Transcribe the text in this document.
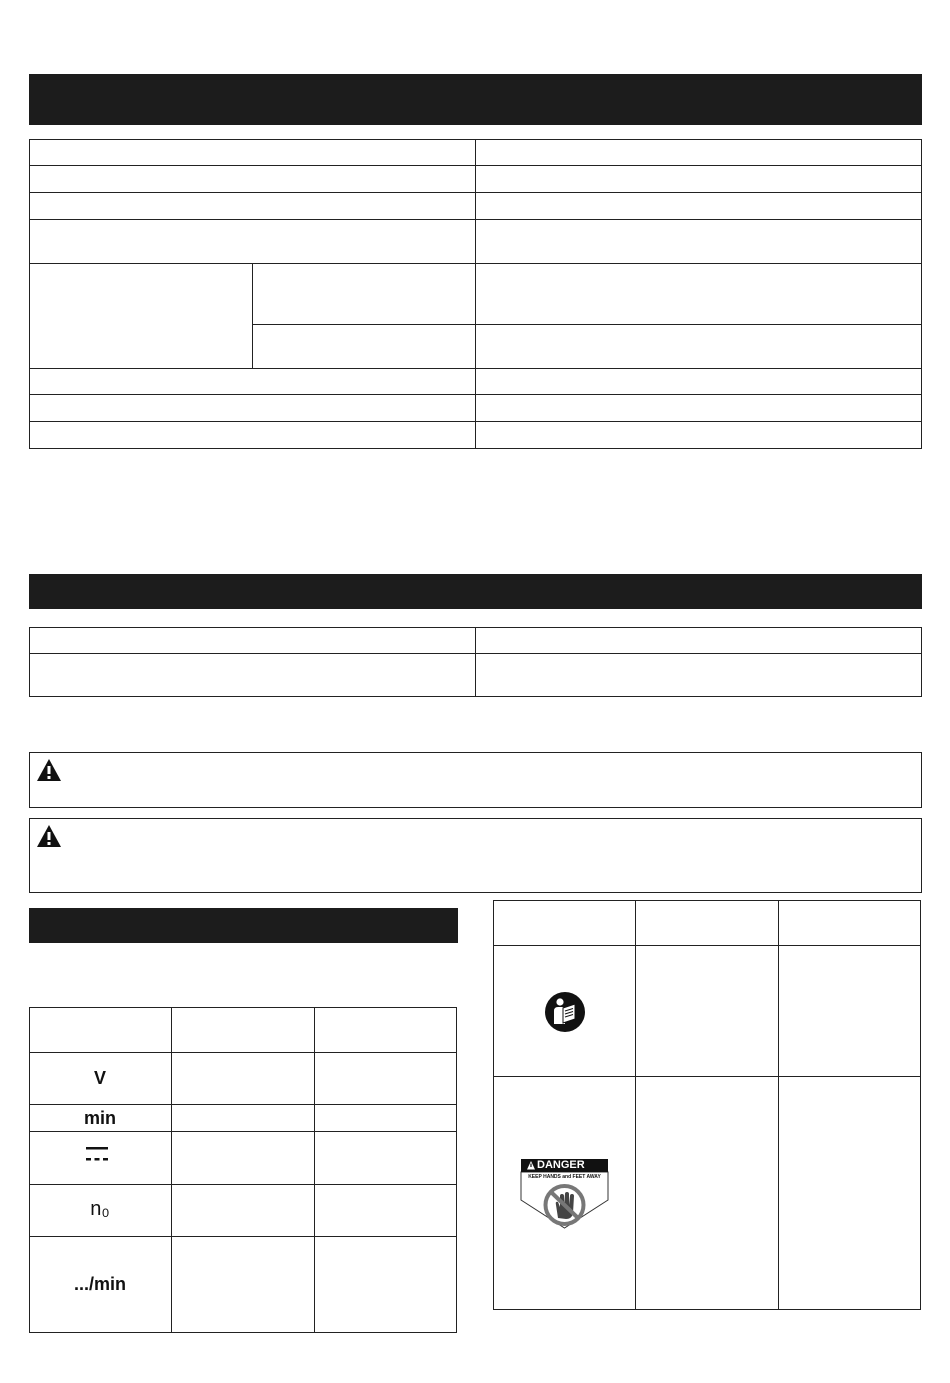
V
min
n₀
.../min
DANGER
KEEP HANDS and FEET AWAY
